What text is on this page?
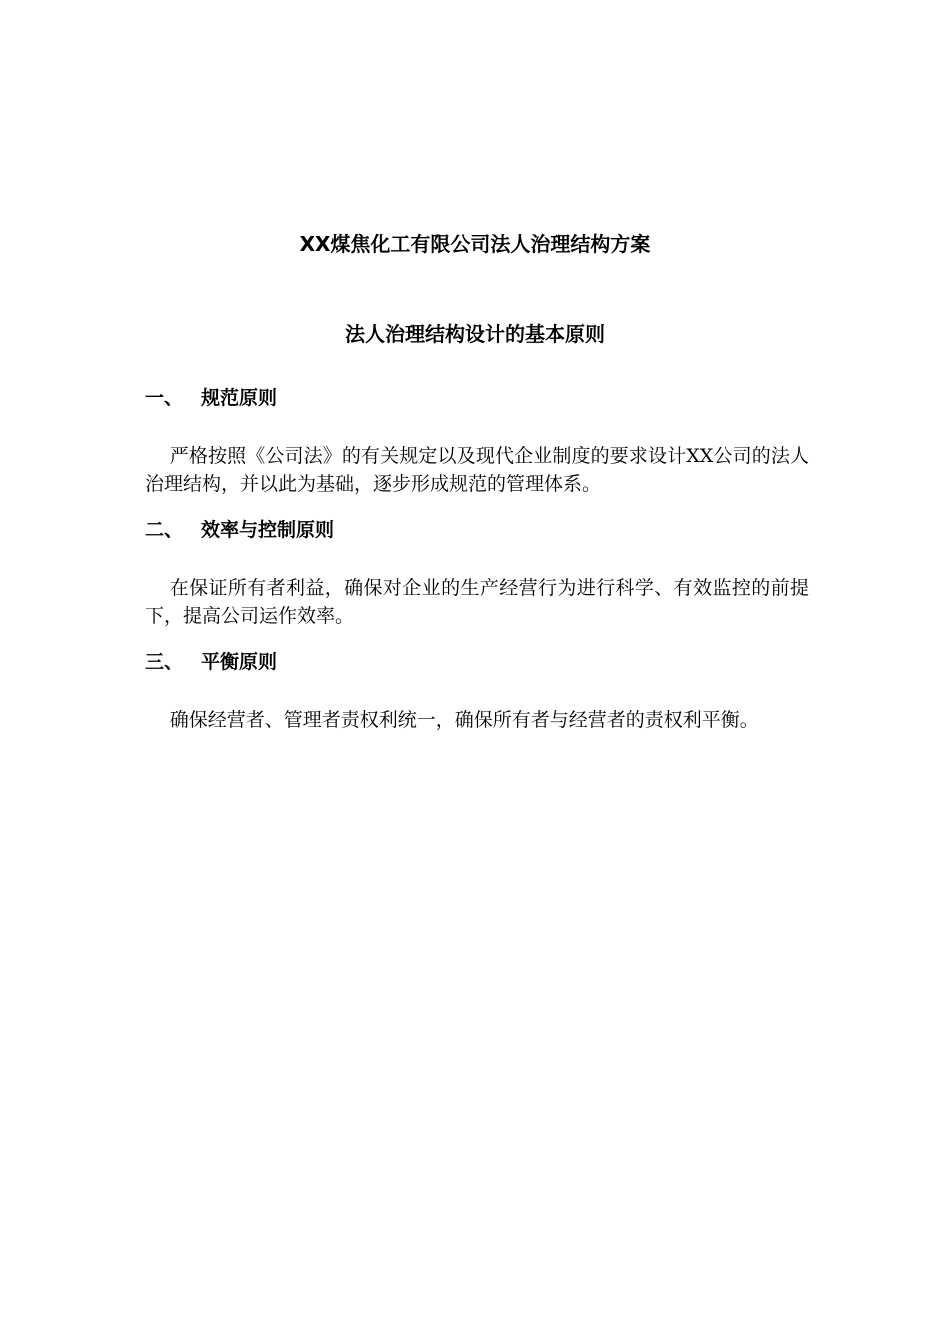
XX煤焦化工有限公司法人治理结构方案
法人治理结构设计的基本原则
一、 规范原则
严格按照《公司法》的有关规定以及现代企业制度的要求设计XX公司的法人治理结构，并以此为基础，逐步形成规范的管理体系。
二、 效率与控制原则
在保证所有者利益，确保对企业的生产经营行为进行科学、有效监控的前提下，提高公司运作效率。
三、 平衡原则
确保经营者、管理者责权利统一，确保所有者与经营者的责权利平衡。
